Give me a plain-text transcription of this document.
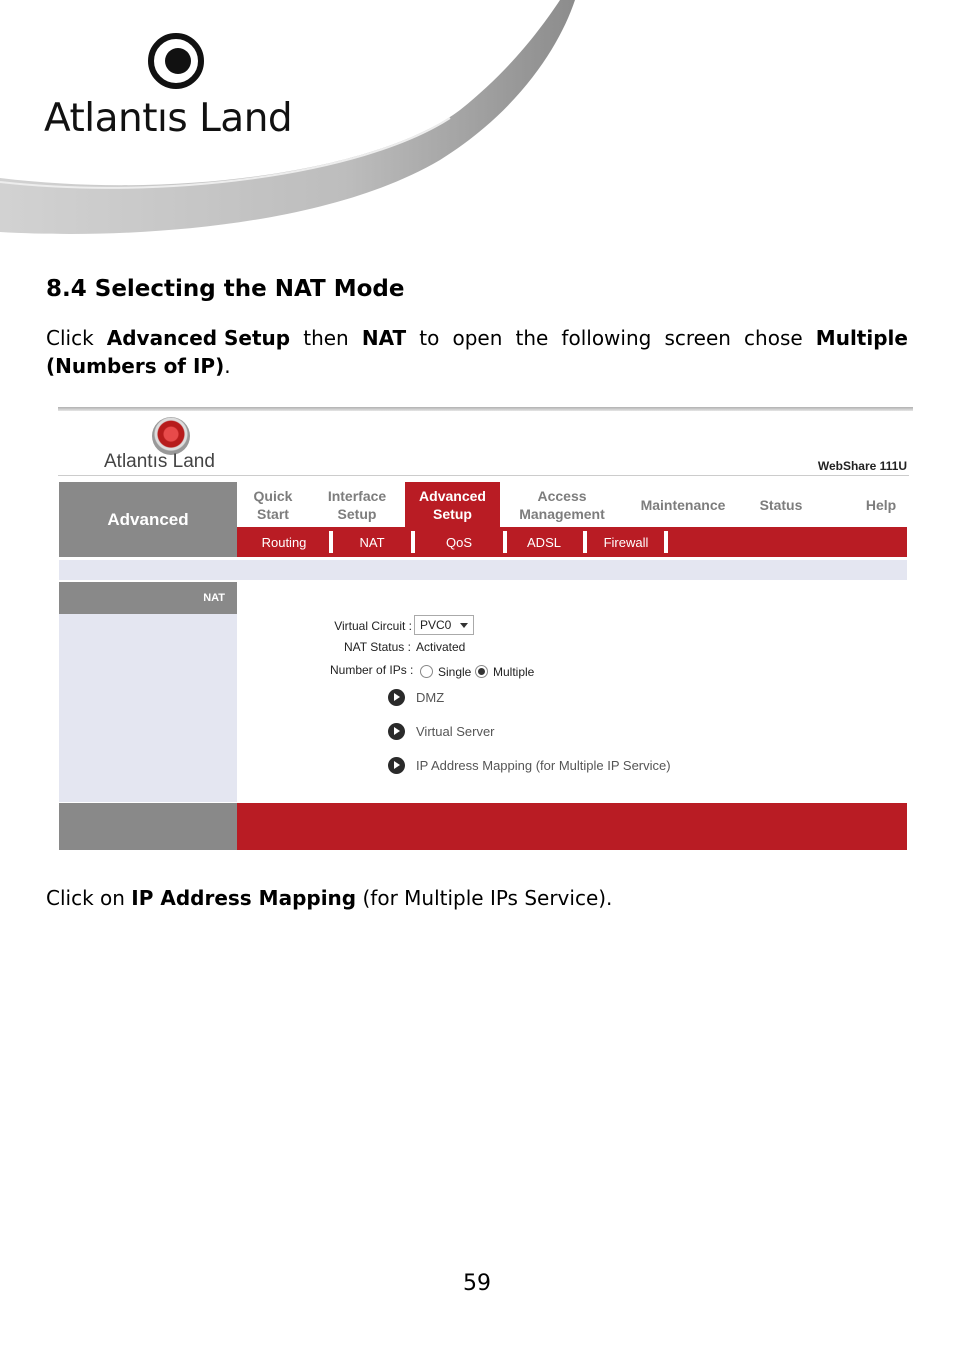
Atlantıs Land
8.4 Selecting the NAT Mode
Click Advanced Setup then NAT to open the following screen chose Multiple
(Numbers of IP).
Atlantıs Land	WebShare 111U
Advanced
Quick
Start
Interface
Setup
Advanced
Setup
Access
Management
Maintenance	Status	Help
Routing	NAT	QoS	ADSL	Firewall
NAT
Virtual Circuit : PVC0
NAT Status : Activated
Number of IPs : Single Multiple
DMZ
Virtual Server
IP Address Mapping (for Multiple IP Service)
Click on IP Address Mapping (for Multiple IPs Service).
59
